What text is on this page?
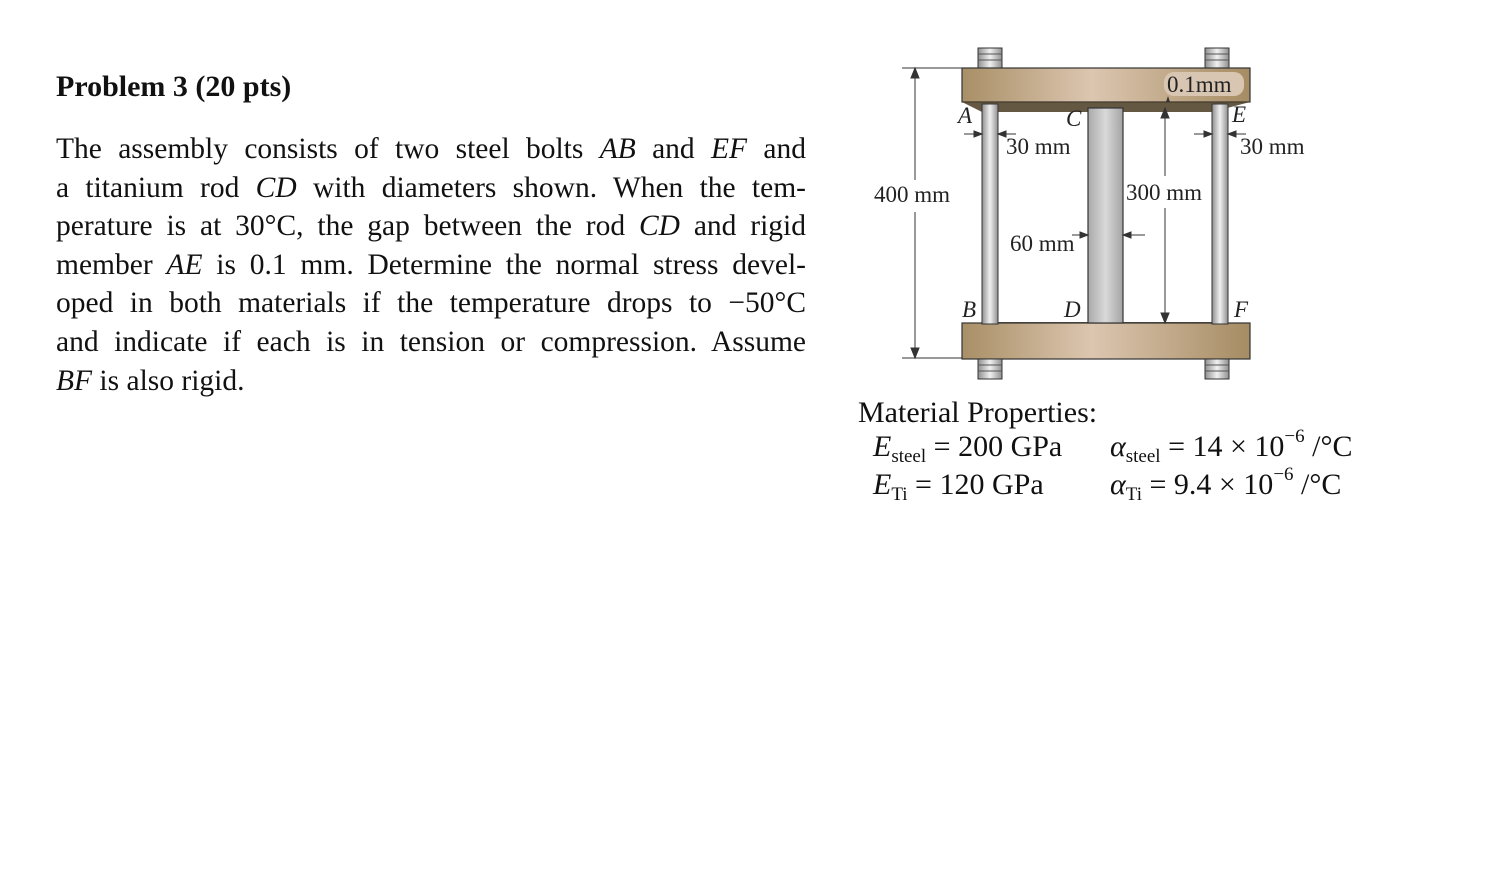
Problem 3 (20 pts)
The assembly consists of two steel bolts AB and EF and
a titanium rod CD with diameters shown. When the tem-
perature is at 30°C, the gap between the rod CD and rigid
member AE is 0.1 mm. Determine the normal stress devel-
oped in both materials if the temperature drops to −50°C
and indicate if each is in tension or compression. Assume
BF is also rigid.
400 mm	300 mm
0.1mm
30 mm	30 mm
60 mm
A	C	E
B	D	F
Material Properties:
$E_{steel} = 200$ GPa $\alpha_{steel} = 14 \times 10^{-6}$ /°C
$E_{Ti} = 120$ GPa $\alpha_{Ti} = 9.4 \times 10^{-6}$ /°C
